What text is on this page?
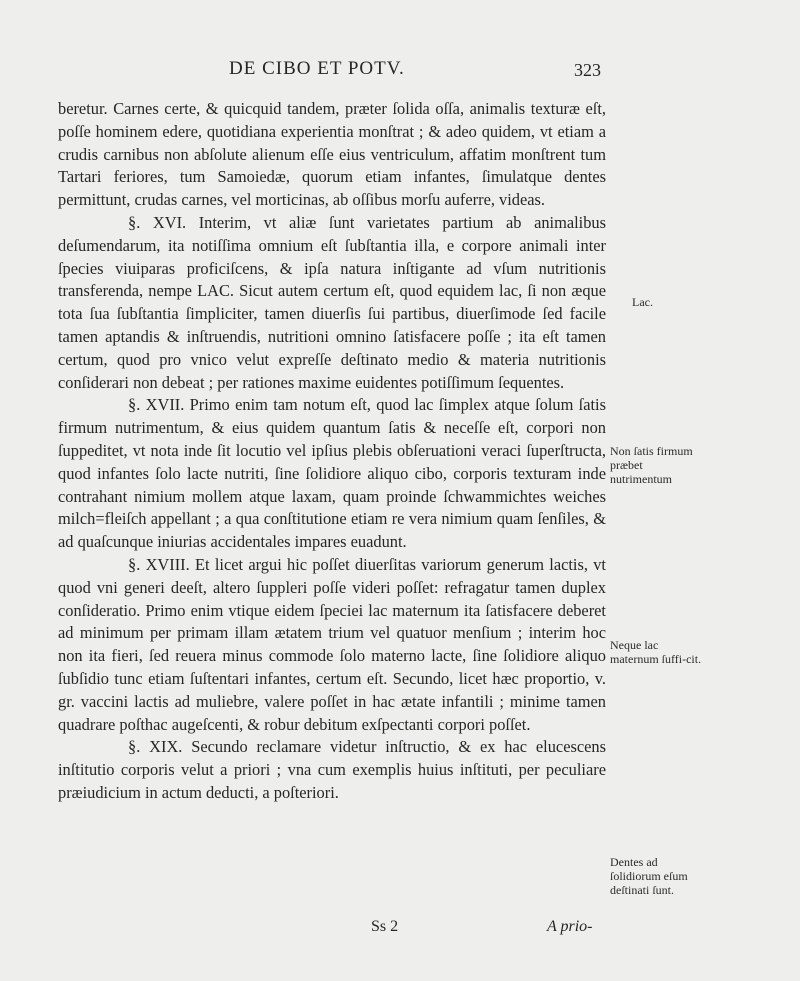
DE CIBO ET POTV.	323

beretur. Carnes certe, & quicquid tandem, præter ſolida oſſa, animalis texturæ eſt, poſſe hominem edere, quotidiana experientia monſtrat ; & adeo quidem, vt etiam a crudis carnibus non abſolute alienum eſſe eius ventriculum, affatim monſtrent tum Tartari feriores, tum Samoiedæ, quorum etiam infantes, ſimulatque dentes permittunt, crudas carnes, vel morticinas, ab oſſibus morſu auferre, videas.

§. XVI. Interim, vt aliæ ſunt varietates partium ab animalibus deſumendarum, ita notiſſima omnium eſt ſubſtantia illa, e corpore animali inter ſpecies viuiparas proficiſcens, & ipſa natura inſtigante ad vſum nutritionis transferenda, nempe LAC. Sicut autem certum eſt, quod equidem lac, ſi non æque tota ſua ſubſtantia ſimpliciter, tamen diuerſis ſui partibus, diuerſimode ſed facile tamen aptandis & inſtruendis, nutritioni omnino ſatisfacere poſſe ; ita eſt tamen certum, quod pro vnico velut expreſſe deſtinato medio & materia nutritionis conſiderari non debeat ; per rationes maxime euidentes potiſſimum ſequentes.

§. XVII. Primo enim tam notum eſt, quod lac ſimplex atque ſolum ſatis firmum nutrimentum, & eius quidem quantum ſatis & neceſſe eſt, corpori non ſuppeditet, vt nota inde ſit locutio vel ipſius plebis obſeruationi veraci ſuperſtructa, quod infantes ſolo lacte nutriti, ſine ſolidiore aliquo cibo, corporis texturam inde contrahant nimium mollem atque laxam, quam proinde ſchwammichtes weiches milch=fleiſch appellant ; a qua conſtitutione etiam re vera nimium quam ſenſiles, & ad quaſcunque iniurias accidentales impares euadunt.

§. XVIII. Et licet argui hic poſſet diuerſitas variorum generum lactis, vt quod vni generi deeſt, altero ſuppleri poſſe videri poſſet: refragatur tamen duplex conſideratio. Primo enim vtique eidem ſpeciei lac maternum ita ſatisfacere deberet ad minimum per primam illam ætatem trium vel quatuor menſium ; interim hoc non ita fieri, ſed reuera minus commode ſolo materno lacte, ſine ſolidiore aliquo ſubſidio tunc etiam ſuſtentari infantes, certum eſt. Secundo, licet hæc proportio, v. gr. vaccini lactis ad muliebre, valere poſſet in hac ætate infantili ; minime tamen quadrare poſthac augeſcenti, & robur debitum exſpectanti corpori poſſet.

§. XIX. Secundo reclamare videtur inſtructio, & ex hac elucescens inſtitutio corporis velut a priori ; vna cum exemplis huius inſtituti, per peculiare præiudicium in actum deducti, a poſteriori.

Lac.
Non ſatis firmum præbet nutrimentum
Neque lac maternum ſuffi-cit.
Dentes ad ſolidiorum eſum deſtinati ſunt.
Ss 2	A prio-
